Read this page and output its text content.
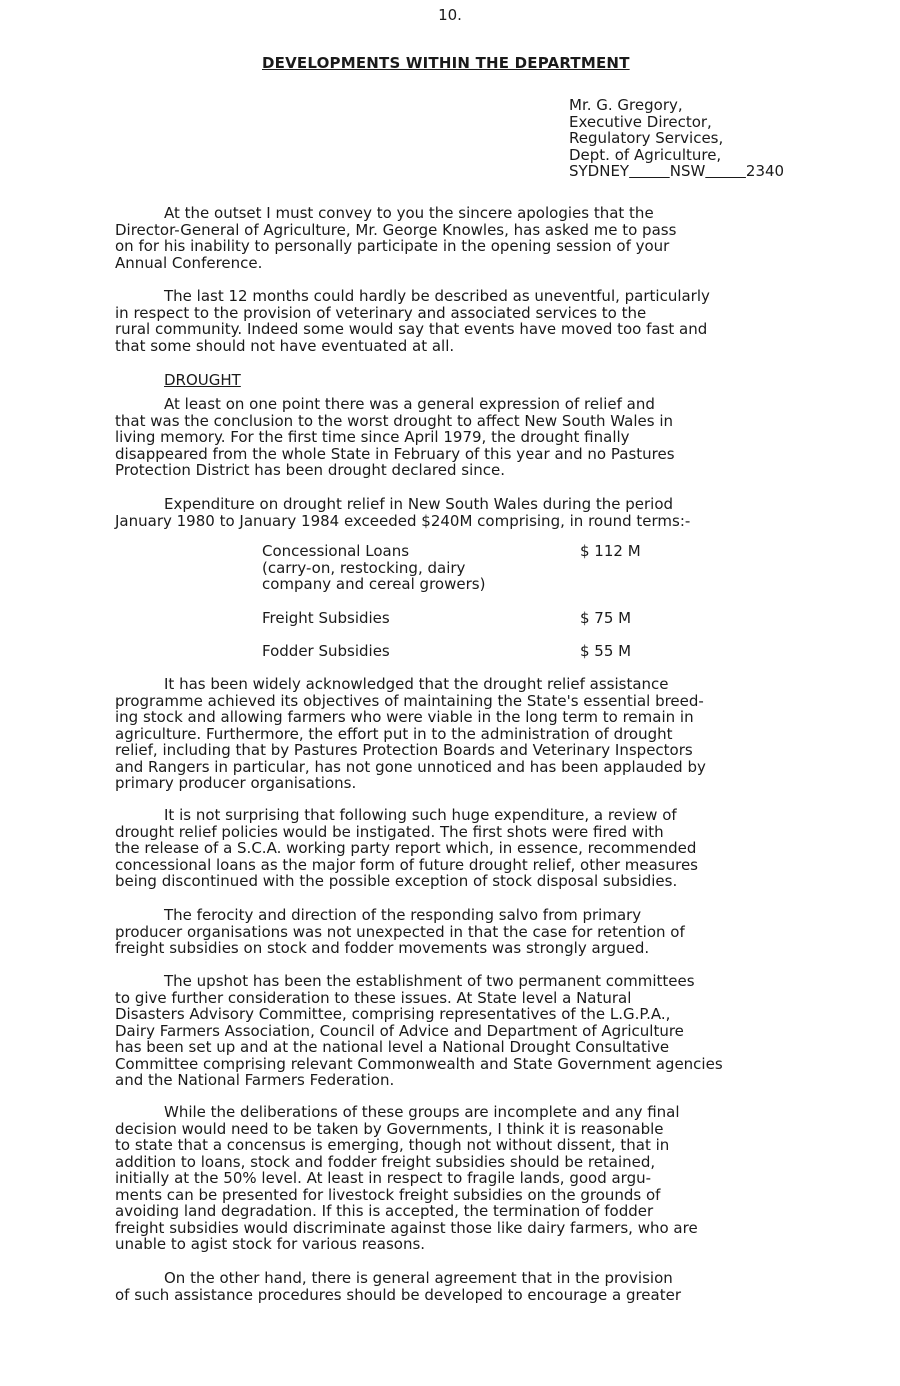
10.
DEVELOPMENTS WITHIN THE DEPARTMENT
Mr. G. Gregory,
Executive Director,
Regulatory Services,
Dept. of Agriculture,
SYDNEY	NSW	2340
At the outset I must convey to you the sincere apologies that the
Director-General of Agriculture, Mr. George Knowles, has asked me to pass
on for his inability to personally participate in the opening session of your
Annual Conference.
The last 12 months could hardly be described as uneventful, particularly
in respect to the provision of veterinary and associated services to the
rural community. Indeed some would say that events have moved too fast and
that some should not have eventuated at all.
DROUGHT
At least on one point there was a general expression of relief and
that was the conclusion to the worst drought to affect New South Wales in
living memory. For the first time since April 1979, the drought finally
disappeared from the whole State in February of this year and no Pastures
Protection District has been drought declared since.
Expenditure on drought relief in New South Wales during the period
January 1980 to January 1984 exceeded $240M comprising, in round terms:-
Concessional Loans
(carry-on, restocking, dairy
company and cereal growers)
$ 112 M
Freight Subsidies	$ 75 M
Fodder Subsidies	$ 55 M
It has been widely acknowledged that the drought relief assistance
programme achieved its objectives of maintaining the State's essential breed-
ing stock and allowing farmers who were viable in the long term to remain in
agriculture. Furthermore, the effort put in to the administration of drought
relief, including that by Pastures Protection Boards and Veterinary Inspectors
and Rangers in particular, has not gone unnoticed and has been applauded by
primary producer organisations.
It is not surprising that following such huge expenditure, a review of
drought relief policies would be instigated. The first shots were fired with
the release of a S.C.A. working party report which, in essence, recommended
concessional loans as the major form of future drought relief, other measures
being discontinued with the possible exception of stock disposal subsidies.
The ferocity and direction of the responding salvo from primary
producer organisations was not unexpected in that the case for retention of
freight subsidies on stock and fodder movements was strongly argued.
The upshot has been the establishment of two permanent committees
to give further consideration to these issues. At State level a Natural
Disasters Advisory Committee, comprising representatives of the L.G.P.A.,
Dairy Farmers Association, Council of Advice and Department of Agriculture
has been set up and at the national level a National Drought Consultative
Committee comprising relevant Commonwealth and State Government agencies
and the National Farmers Federation.
While the deliberations of these groups are incomplete and any final
decision would need to be taken by Governments, I think it is reasonable
to state that a concensus is emerging, though not without dissent, that in
addition to loans, stock and fodder freight subsidies should be retained,
initially at the 50% level. At least in respect to fragile lands, good argu-
ments can be presented for livestock freight subsidies on the grounds of
avoiding land degradation. If this is accepted, the termination of fodder
freight subsidies would discriminate against those like dairy farmers, who are
unable to agist stock for various reasons.
On the other hand, there is general agreement that in the provision
of such assistance procedures should be developed to encourage a greater
